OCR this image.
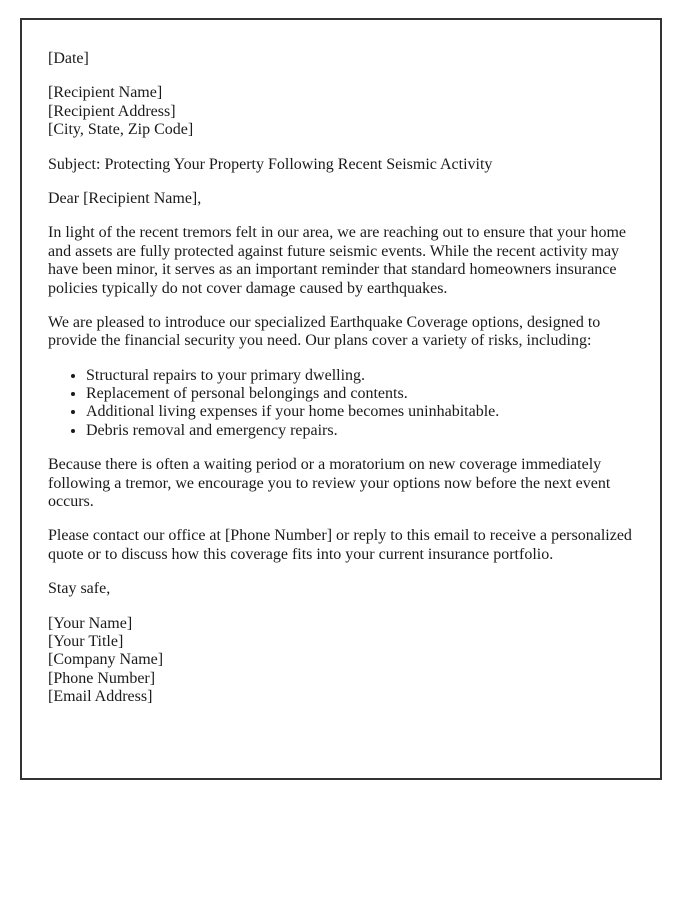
[Date]

[Recipient Name]
[Recipient Address]
[City, State, Zip Code]

Subject: Protecting Your Property Following Recent Seismic Activity

Dear [Recipient Name],

In light of the recent tremors felt in our area, we are reaching out to ensure that your home and assets are fully protected against future seismic events. While the recent activity may have been minor, it serves as an important reminder that standard homeowners insurance policies typically do not cover damage caused by earthquakes.

We are pleased to introduce our specialized Earthquake Coverage options, designed to provide the financial security you need. Our plans cover a variety of risks, including:

• Structural repairs to your primary dwelling.
• Replacement of personal belongings and contents.
• Additional living expenses if your home becomes uninhabitable.
• Debris removal and emergency repairs.

Because there is often a waiting period or a moratorium on new coverage immediately following a tremor, we encourage you to review your options now before the next event occurs.

Please contact our office at [Phone Number] or reply to this email to receive a personalized quote or to discuss how this coverage fits into your current insurance portfolio.

Stay safe,

[Your Name]
[Your Title]
[Company Name]
[Phone Number]
[Email Address]
